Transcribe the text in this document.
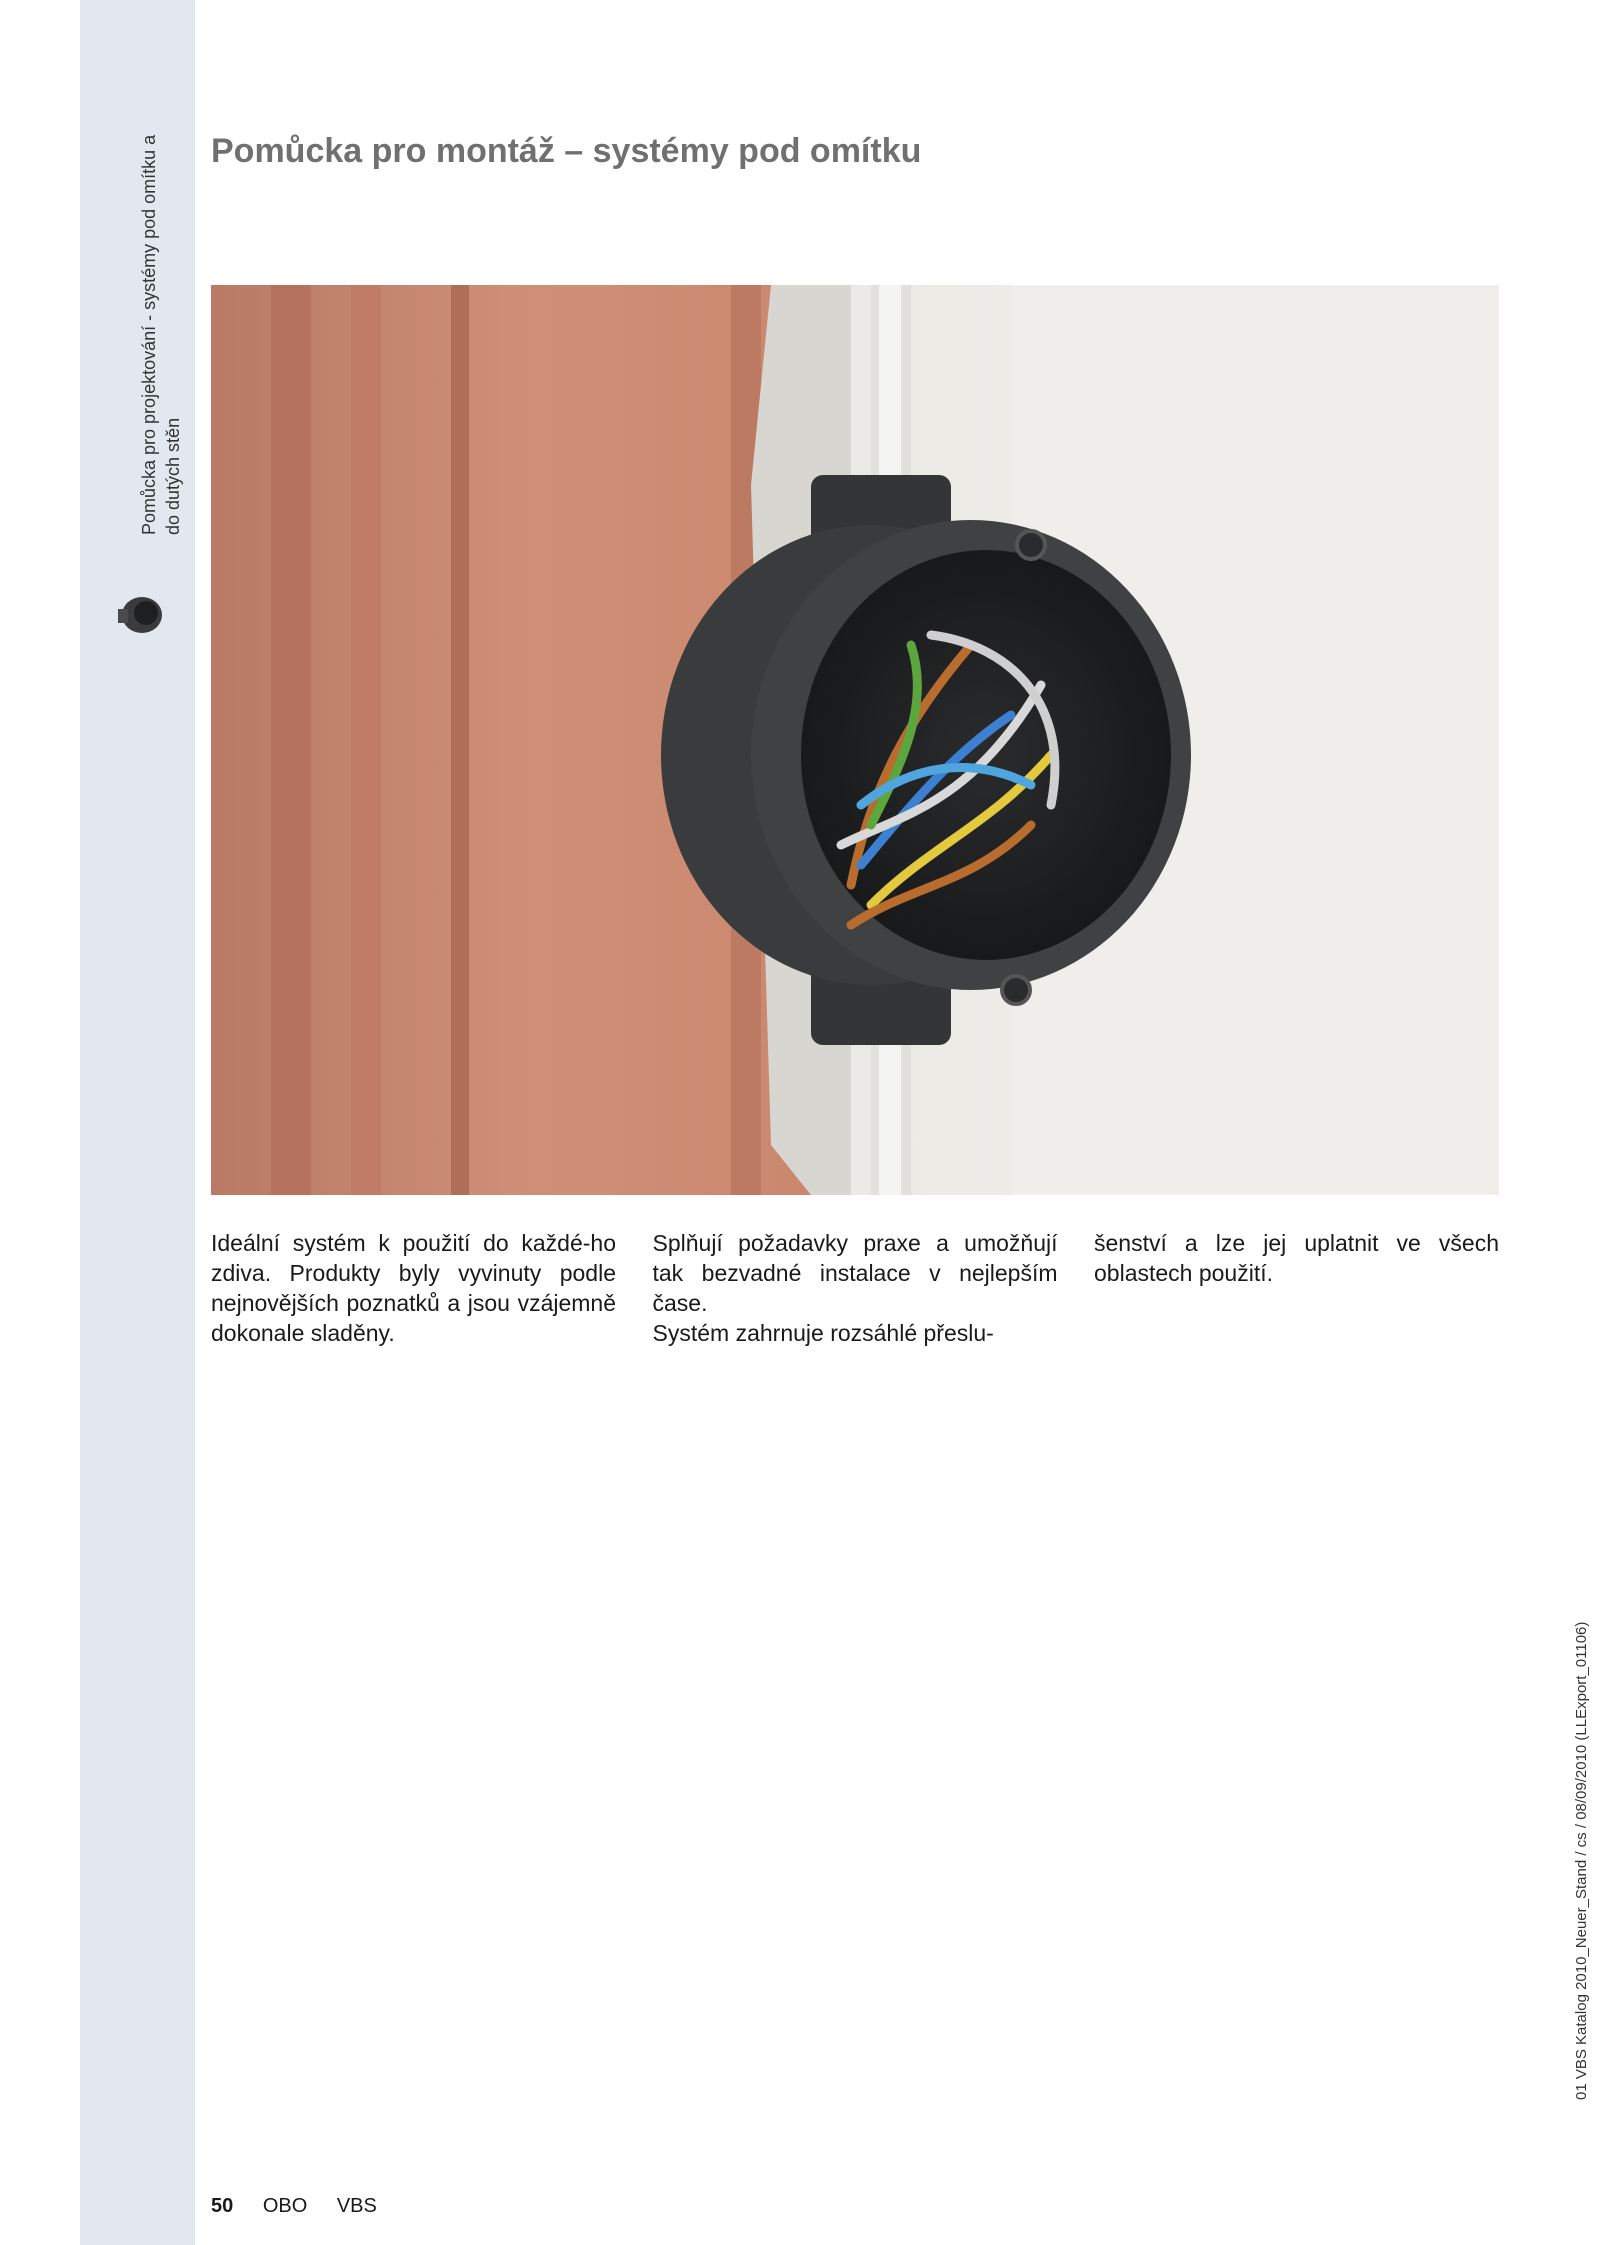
Pomůcka pro projektování - systémy pod omítku a do dutých stěn
Pomůcka pro montáž – systémy pod omítku

Ideální systém k použití do každé-ho zdiva. Produkty byly vyvinuty podle nejnovějších poznatků a jsou vzájemně dokonale sladěny.

Splňují požadavky praxe a umožňují tak bezvadné instalace v nejlepším čase.

Systém zahrnuje rozsáhlé přeslu-

šenství a lze jej uplatnit ve všech oblastech použití.

50 OBO VBS
01 VBS Katalog 2010_Neuer_Stand / cs / 08/09/2010 (LLExport_01106)
